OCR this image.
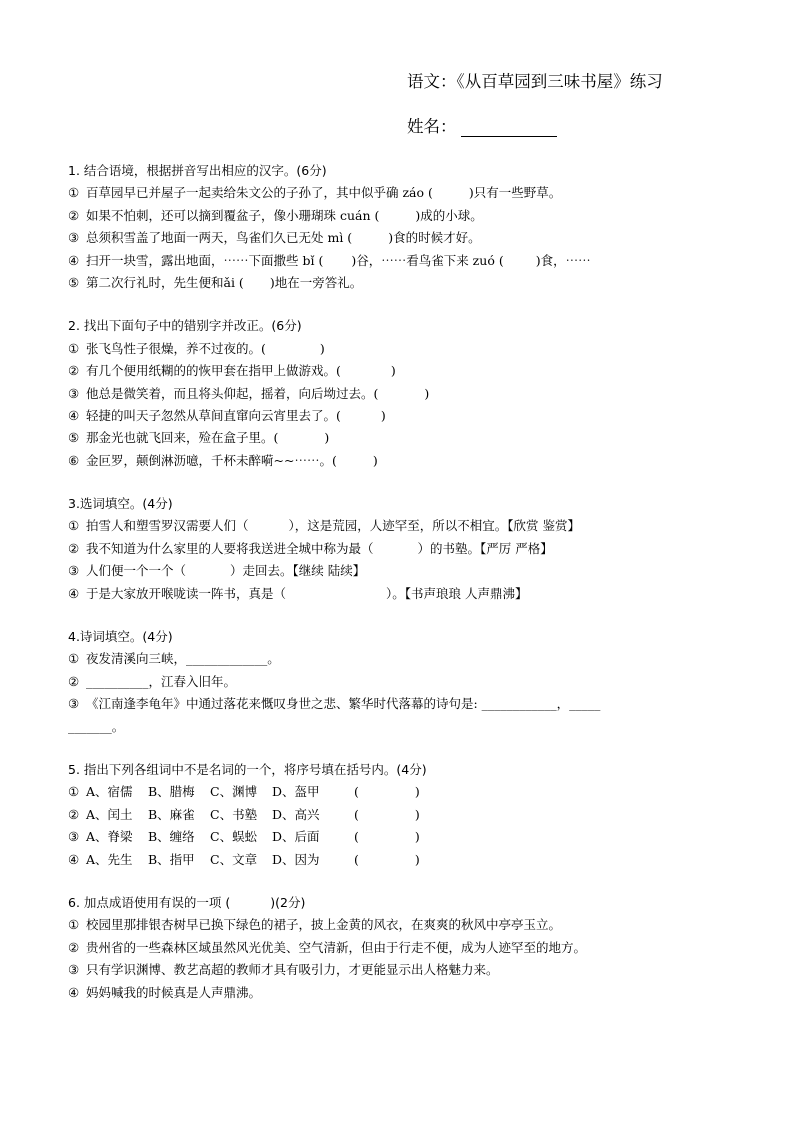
语文：《从百草园到三味书屋》练习
姓名：
1. 结合语境，根据拼音写出相应的汉字。(6分)
① 百草园早已并屋子一起卖给朱文公的子孙了，其中似乎确 záo (	)只有一些野草。
② 如果不怕刺，还可以摘到覆盆子，像小珊瑚珠 cuán (	)成的小球。
③ 总须积雪盖了地面一两天，鸟雀们久已无处 mì (	)食的时候才好。
④ 扫开一块雪，露出地面，⋯⋯下面撒些 bǐ ( )谷，⋯⋯看鸟雀下来 zuó (	)食，⋯⋯
⑤ 第二次行礼时，先生便和ǎi ( )地在一旁答礼。
2. 找出下面句子中的错别字并改正。(6分)
① 张飞鸟性子很燥，养不过夜的。(	)
② 有几个便用纸糊的的恢甲套在指甲上做游戏。(	)
③ 他总是微笑着，而且将头仰起，摇着，向后坳过去。(	)
④ 轻捷的叫天子忽然从草间直窜向云宵里去了。(	)
⑤ 那金光也就飞回来，殓在盒子里。(	)
⑥ 金叵罗，颠倒淋沥噫，千杯未醉嗬~~⋯⋯。(	)
3.选词填空。(4分)
① 拍雪人和塑雪罗汉需要人们（	），这是荒园，人迹罕至，所以不相宜。【欣赏 鉴赏】
② 我不知道为什么家里的人要将我送进全城中称为最（	）的书塾。【严厉 严格】
③ 人们便一个一个（	）走回去。【继续 陆续】
④ 于是大家放开喉咙读一阵书，真是（	）。【书声琅琅 人声鼎沸】
4.诗词填空。(4分)
① 夜发清溪向三峡，_____________。
② __________，江春入旧年。
③ 《江南逢李龟年》中通过落花来慨叹身世之悲、繁华时代落幕的诗句是: ____________，_____
_______。
5. 指出下列各组词中不是名词的一个，将序号填在括号内。(4分)
① A、宿儒 B、腊梅 C、渊博 D、盔甲	(	)
② A、闰土 B、麻雀 C、书塾 D、高兴	(	)
③ A、脊梁 B、缠络 C、蜈蚣 D、后面	(	)
④ A、先生 B、指甲 C、文章 D、因为	(	)
6. 加点成语使用有误的一项 (	)(2分)
① 校园里那排银杏树早已换下绿色的裙子，披上金黄的风衣，在爽爽的秋风中亭亭玉立。
② 贵州省的一些森林区域虽然风光优美、空气清新，但由于行走不便，成为人迹罕至的地方。
③ 只有学识渊博、教艺高超的教师才具有吸引力，才更能显示出人格魅力来。
④ 妈妈喊我的时候真是人声鼎沸。
